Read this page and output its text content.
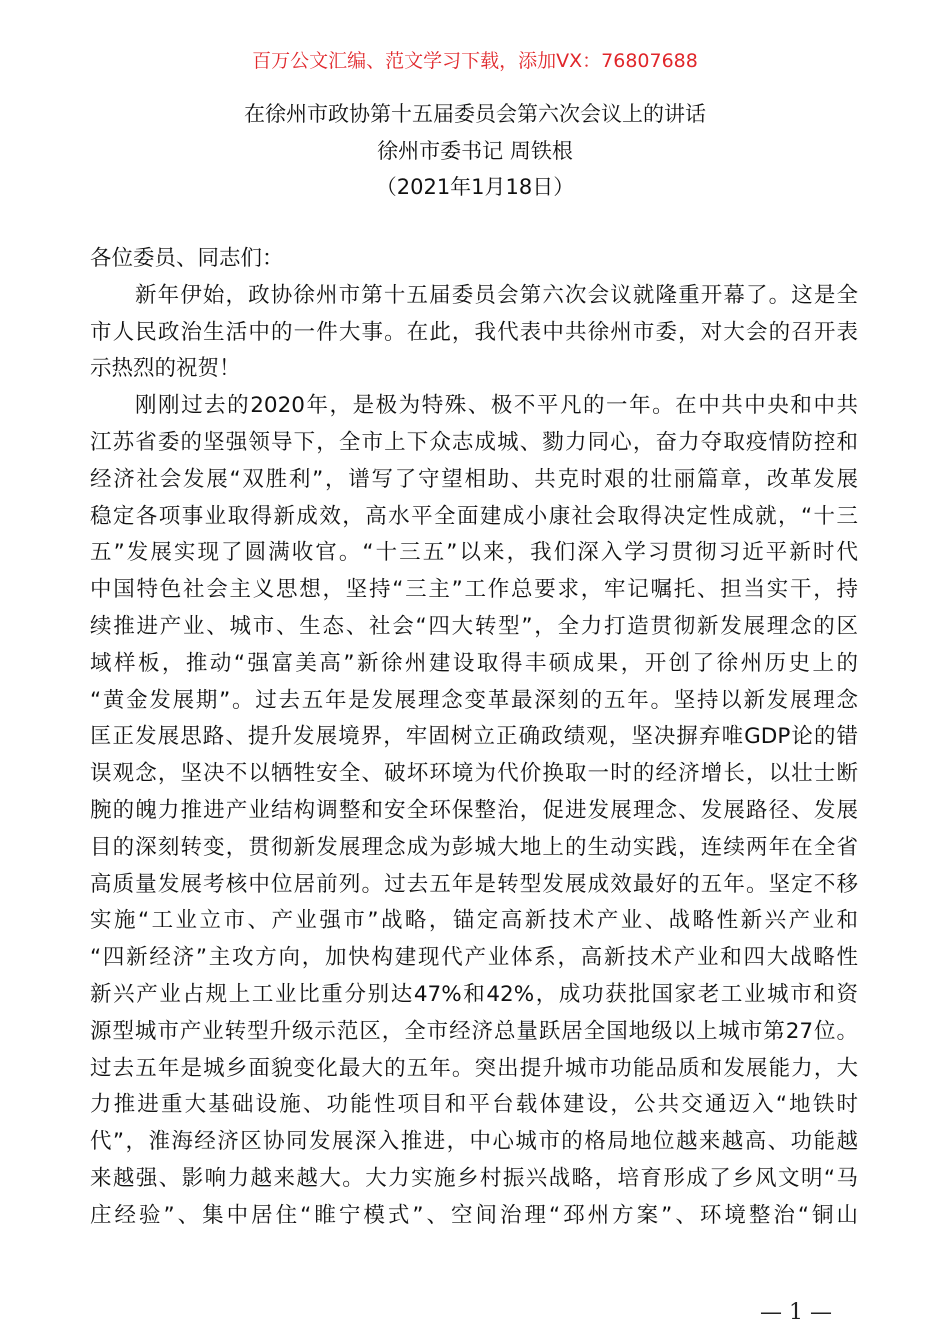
百万公文汇编、范文学习下载，添加VX：76807688
在徐州市政协第十五届委员会第六次会议上的讲话
徐州市委书记 周铁根
（2021年1月18日）
各位委员、同志们：
新年伊始，政协徐州市第十五届委员会第六次会议就隆重开幕了。这是全
市人民政治生活中的一件大事。在此，我代表中共徐州市委，对大会的召开表
示热烈的祝贺！
刚刚过去的2020年，是极为特殊、极不平凡的一年。在中共中央和中共
江苏省委的坚强领导下，全市上下众志成城、勠力同心，奋力夺取疫情防控和
经济社会发展“双胜利”，谱写了守望相助、共克时艰的壮丽篇章，改革发展
稳定各项事业取得新成效，高水平全面建成小康社会取得决定性成就，“十三
五”发展实现了圆满收官。“十三五”以来，我们深入学习贯彻习近平新时代
中国特色社会主义思想，坚持“三主”工作总要求，牢记嘱托、担当实干，持
续推进产业、城市、生态、社会“四大转型”，全力打造贯彻新发展理念的区
域样板，推动“强富美高”新徐州建设取得丰硕成果，开创了徐州历史上的
“黄金发展期”。过去五年是发展理念变革最深刻的五年。坚持以新发展理念
匡正发展思路、提升发展境界，牢固树立正确政绩观，坚决摒弃唯GDP论的错
误观念，坚决不以牺牲安全、破坏环境为代价换取一时的经济增长，以壮士断
腕的魄力推进产业结构调整和安全环保整治，促进发展理念、发展路径、发展
目的深刻转变，贯彻新发展理念成为彭城大地上的生动实践，连续两年在全省
高质量发展考核中位居前列。过去五年是转型发展成效最好的五年。坚定不移
实施“工业立市、产业强市”战略，锚定高新技术产业、战略性新兴产业和
“四新经济”主攻方向，加快构建现代产业体系，高新技术产业和四大战略性
新兴产业占规上工业比重分别达47%和42%，成功获批国家老工业城市和资
源型城市产业转型升级示范区，全市经济总量跃居全国地级以上城市第27位。
过去五年是城乡面貌变化最大的五年。突出提升城市功能品质和发展能力，大
力推进重大基础设施、功能性项目和平台载体建设，公共交通迈入“地铁时
代”，淮海经济区协同发展深入推进，中心城市的格局地位越来越高、功能越
来越强、影响力越来越大。大力实施乡村振兴战略，培育形成了乡风文明“马
庄经验”、集中居住“睢宁模式”、空间治理“邳州方案”、环境整治“铜山
— 1 —
